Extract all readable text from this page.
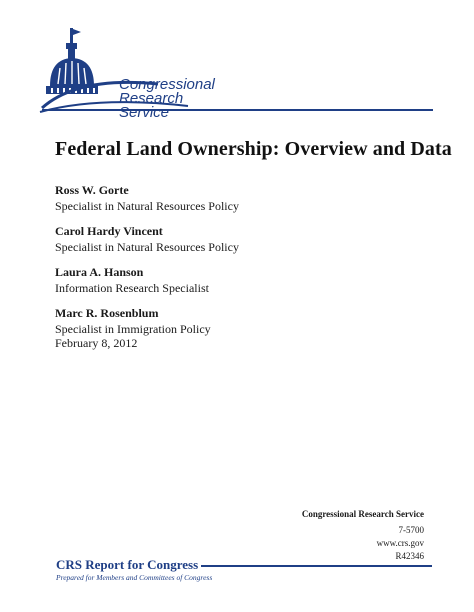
Congressional
Research
Service
Federal Land Ownership: Overview and Data
Ross W. Gorte
Specialist in Natural Resources Policy
Carol Hardy Vincent
Specialist in Natural Resources Policy
Laura A. Hanson
Information Research Specialist
Marc R. Rosenblum
Specialist in Immigration Policy
February 8, 2012
Congressional Research Service
7-5700
www.crs.gov
R42346
CRS Report for Congress
Prepared for Members and Committees of Congress
